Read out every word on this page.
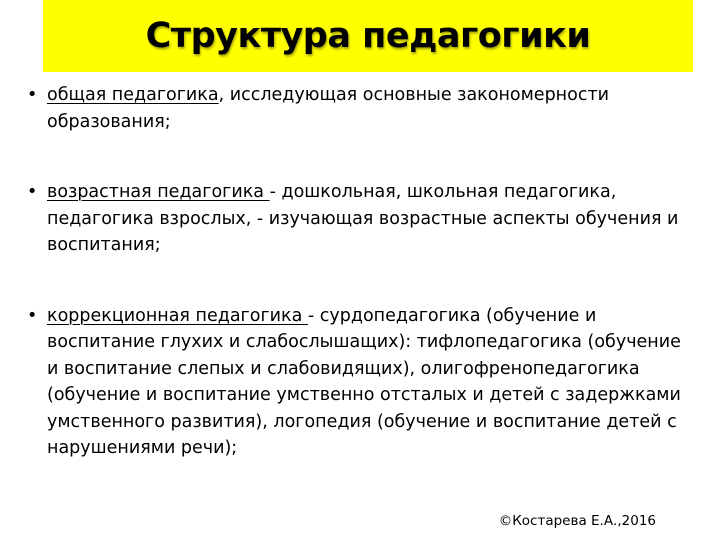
Структура педагогики

• общая педагогика, исследующая основные закономерности образования;

• возрастная педагогика - дошкольная, школьная педагогика, педагогика взрослых, - изучающая возрастные аспекты обучения и воспитания;

• коррекционная педагогика - сурдопедагогика (обучение и воспитание глухих и слабослышащих): тифлопедагогика (обучение и воспитание слепых и слабовидящих), олигофренопедагогика (обучение и воспитание умственно отсталых и детей с задержками умственного развития), логопедия (обучение и воспитание детей с нарушениями речи);

©Костарева Е.А.,2016
